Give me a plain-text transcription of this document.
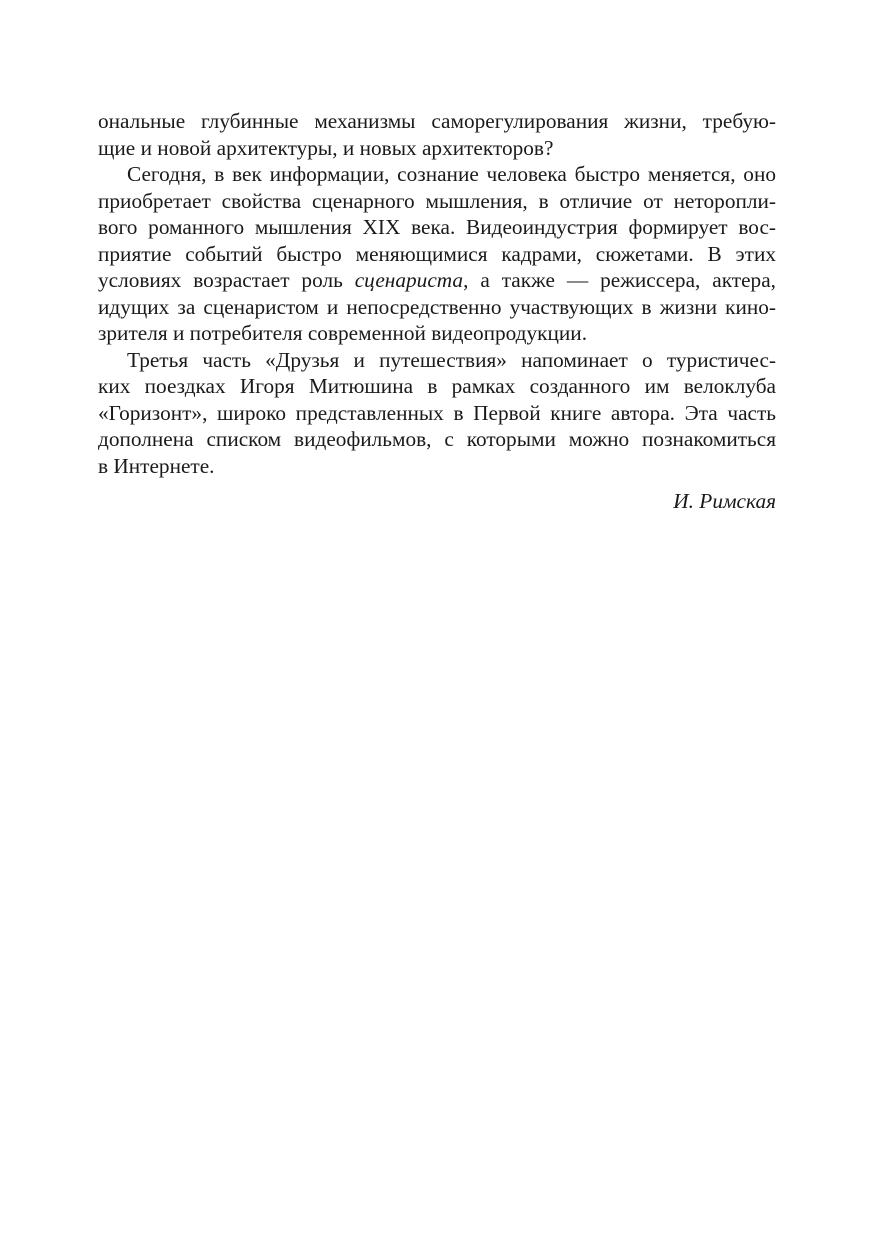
ональные глубинные механизмы саморегулирования жизни, требую-
щие и новой архитектуры, и новых архитекторов?
Сегодня, в век информации, сознание человека быстро меняется, оно
приобретает свойства сценарного мышления, в отличие от неторопли-
вого романного мышления XIX века. Видеоиндустрия формирует вос-
приятие событий быстро меняющимися кадрами, сюжетами. В этих
условиях возрастает роль сценариста, а также — режиссера, актера,
идущих за сценаристом и непосредственно участвующих в жизни кино-
зрителя и потребителя современной видеопродукции.
Третья часть «Друзья и путешествия» напоминает о туристичес-
ких поездках Игоря Митюшина в рамках созданного им велоклуба
«Горизонт», широко представленных в Первой книге автора. Эта часть
дополнена списком видеофильмов, с которыми можно познакомиться
в Интернете.
И. Римская
